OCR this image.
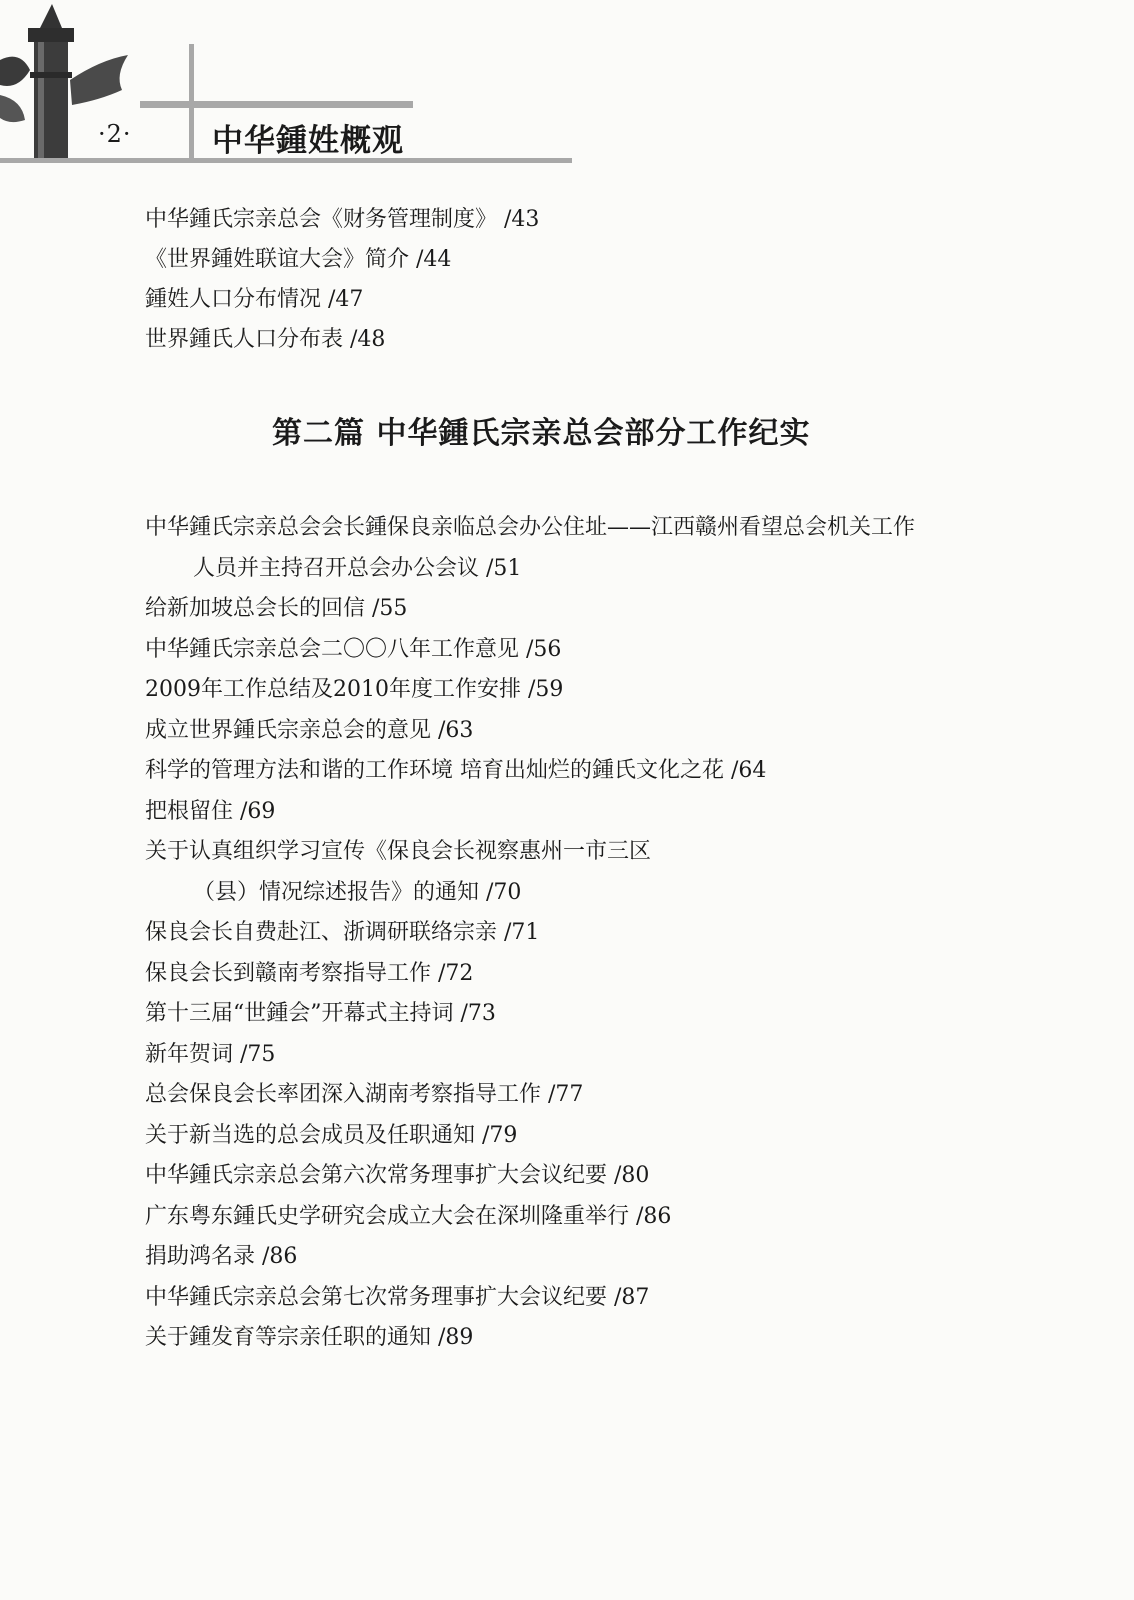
·2·	中华鍾姓概观
中华鍾氏宗亲总会《财务管理制度》 /43
《世界鍾姓联谊大会》简介 /44
鍾姓人口分布情况 /47
世界鍾氏人口分布表 /48
第二篇 中华鍾氏宗亲总会部分工作纪实
中华鍾氏宗亲总会会长鍾保良亲临总会办公住址——江西赣州看望总会机关工作
人员并主持召开总会办公会议 /51
给新加坡总会长的回信 /55
中华鍾氏宗亲总会二〇〇八年工作意见 /56
2009年工作总结及2010年度工作安排 /59
成立世界鍾氏宗亲总会的意见 /63
科学的管理方法和谐的工作环境 培育出灿烂的鍾氏文化之花 /64
把根留住 /69
关于认真组织学习宣传《保良会长视察惠州一市三区
（县）情况综述报告》的通知 /70
保良会长自费赴江、浙调研联络宗亲 /71
保良会长到赣南考察指导工作 /72
第十三届“世鍾会”开幕式主持词 /73
新年贺词 /75
总会保良会长率团深入湖南考察指导工作 /77
关于新当选的总会成员及任职通知 /79
中华鍾氏宗亲总会第六次常务理事扩大会议纪要 /80
广东粤东鍾氏史学研究会成立大会在深圳隆重举行 /86
捐助鸿名录 /86
中华鍾氏宗亲总会第七次常务理事扩大会议纪要 /87
关于鍾发育等宗亲任职的通知 /89
